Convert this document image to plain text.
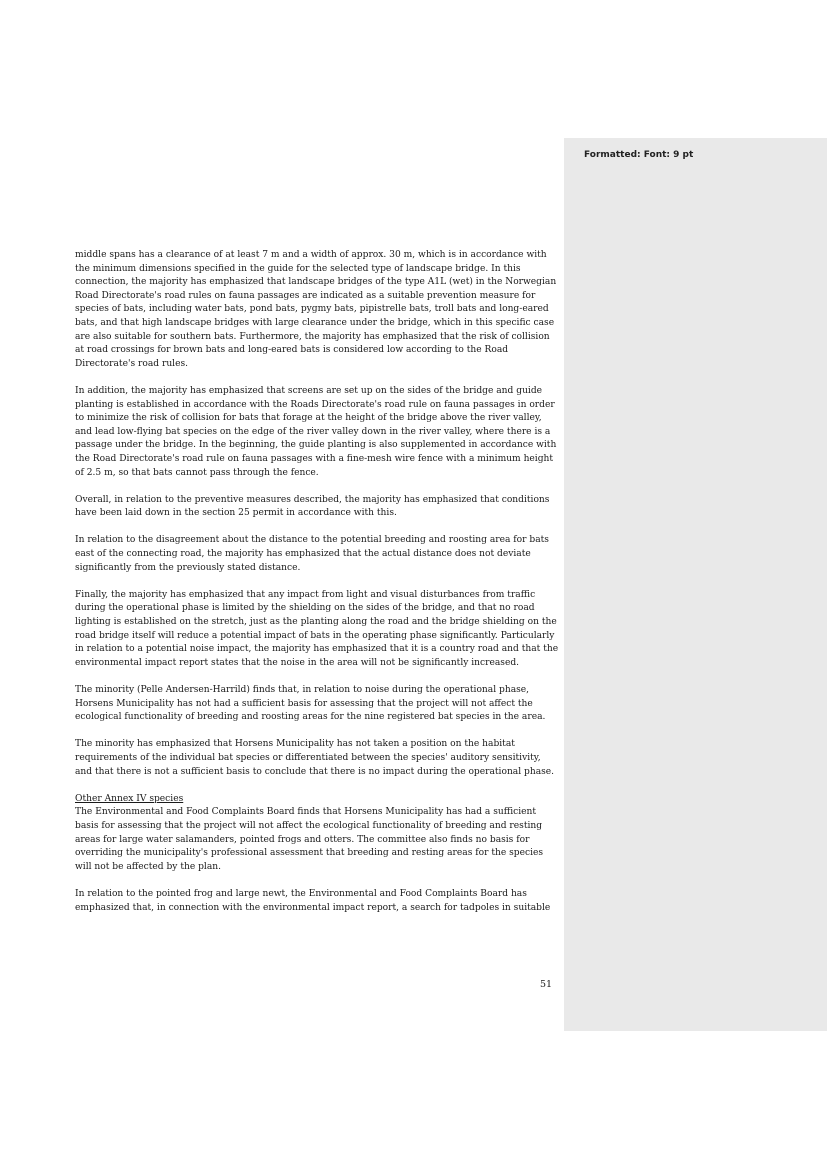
Formatted: Font: 9 pt

middle spans has a clearance of at least 7 m and a width of approx. 30 m, which is in accordance with the minimum dimensions specified in the guide for the selected type of landscape bridge. In this connection, the majority has emphasized that landscape bridges of the type A1L (wet) in the Norwegian Road Directorate's road rules on fauna passages are indicated as a suitable prevention measure for species of bats, including water bats, pond bats, pygmy bats, pipistrelle bats, troll bats and long-eared bats, and that high landscape bridges with large clearance under the bridge, which in this specific case are also suitable for southern bats. Furthermore, the majority has emphasized that the risk of collision at road crossings for brown bats and long-eared bats is considered low according to the Road Directorate's road rules.

In addition, the majority has emphasized that screens are set up on the sides of the bridge and guide planting is established in accordance with the Roads Directorate's road rule on fauna passages in order to minimize the risk of collision for bats that forage at the height of the bridge above the river valley, and lead low-flying bat species on the edge of the river valley down in the river valley, where there is a passage under the bridge. In the beginning, the guide planting is also supplemented in accordance with the Road Directorate's road rule on fauna passages with a fine-mesh wire fence with a minimum height of 2.5 m, so that bats cannot pass through the fence.

Overall, in relation to the preventive measures described, the majority has emphasized that conditions have been laid down in the section 25 permit in accordance with this.

In relation to the disagreement about the distance to the potential breeding and roosting area for bats east of the connecting road, the majority has emphasized that the actual distance does not deviate significantly from the previously stated distance.

Finally, the majority has emphasized that any impact from light and visual disturbances from traffic during the operational phase is limited by the shielding on the sides of the bridge, and that no road lighting is established on the stretch, just as the planting along the road and the bridge shielding on the road bridge itself will reduce a potential impact of bats in the operating phase significantly. Particularly in relation to a potential noise impact, the majority has emphasized that it is a country road and that the environmental impact report states that the noise in the area will not be significantly increased.

The minority (Pelle Andersen-Harrild) finds that, in relation to noise during the operational phase, Horsens Municipality has not had a sufficient basis for assessing that the project will not affect the ecological functionality of breeding and roosting areas for the nine registered bat species in the area.

The minority has emphasized that Horsens Municipality has not taken a position on the habitat requirements of the individual bat species or differentiated between the species' auditory sensitivity, and that there is not a sufficient basis to conclude that there is no impact during the operational phase.

Other Annex IV species
The Environmental and Food Complaints Board finds that Horsens Municipality has had a sufficient basis for assessing that the project will not affect the ecological functionality of breeding and resting areas for large water salamanders, pointed frogs and otters. The committee also finds no basis for overriding the municipality's professional assessment that breeding and resting areas for the species will not be affected by the plan.

In relation to the pointed frog and large newt, the Environmental and Food Complaints Board has emphasized that, in connection with the environmental impact report, a search for tadpoles in suitable

51
